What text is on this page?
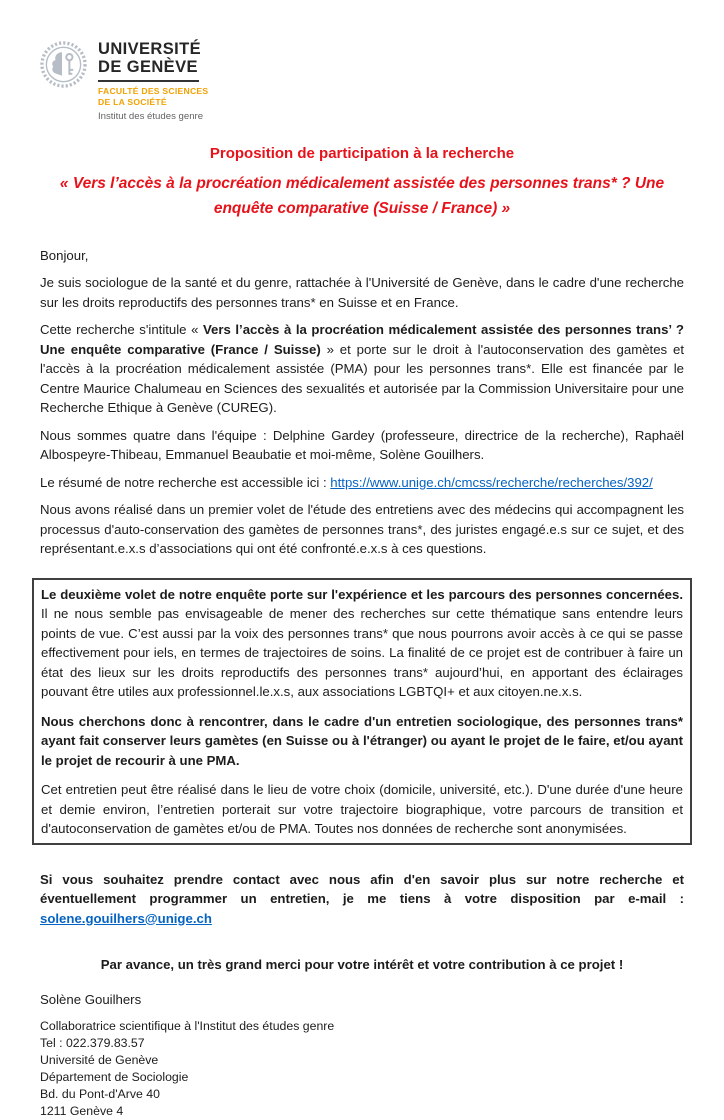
UNIVERSITÉ
DE GENÈVE
FACULTÉ DES SCIENCES
DE LA SOCIÉTÉ
Institut des études genre
Proposition de participation à la recherche
« Vers l’accès à la procréation médicalement assistée des personnes trans* ? Une enquête comparative (Suisse / France) »

Bonjour,

Je suis sociologue de la santé et du genre, rattachée à l'Université de Genève, dans le cadre d'une recherche sur les droits reproductifs des personnes trans* en Suisse et en France.

Cette recherche s'intitule « Vers l’accès à la procréation médicalement assistée des personnes trans’ ? Une enquête comparative (France / Suisse) » et porte sur le droit à l'autoconservation des gamètes et l'accès à la procréation médicalement assistée (PMA) pour les personnes trans*. Elle est financée par le Centre Maurice Chalumeau en Sciences des sexualités et autorisée par la Commission Universitaire pour une Recherche Ethique à Genève (CUREG).

Nous sommes quatre dans l'équipe : Delphine Gardey (professeure, directrice de la recherche), Raphaël Albospeyre-Thibeau, Emmanuel Beaubatie et moi-même, Solène Gouilhers.

Le résumé de notre recherche est accessible ici : https://www.unige.ch/cmcss/recherche/recherches/392/

Nous avons réalisé dans un premier volet de l'étude des entretiens avec des médecins qui accompagnent les processus d'auto-conservation des gamètes de personnes trans*, des juristes engagé.e.s sur ce sujet, et des représentant.e.x.s d’associations qui ont été confronté.e.x.s à ces questions.

Le deuxième volet de notre enquête porte sur l'expérience et les parcours des personnes concernées. Il ne nous semble pas envisageable de mener des recherches sur cette thématique sans entendre leurs points de vue. C’est aussi par la voix des personnes trans* que nous pourrons avoir accès à ce qui se passe effectivement pour iels, en termes de trajectoires de soins. La finalité de ce projet est de contribuer à faire un état des lieux sur les droits reproductifs des personnes trans* aujourd’hui, en apportant des éclairages pouvant être utiles aux professionnel.le.x.s, aux associations LGBTQI+ et aux citoyen.ne.x.s.

Nous cherchons donc à rencontrer, dans le cadre d'un entretien sociologique, des personnes trans* ayant fait conserver leurs gamètes (en Suisse ou à l'étranger) ou ayant le projet de le faire, et/ou ayant le projet de recourir à une PMA.

Cet entretien peut être réalisé dans le lieu de votre choix (domicile, université, etc.). D'une durée d'une heure et demie environ, l’entretien porterait sur votre trajectoire biographique, votre parcours de transition et d'autoconservation de gamètes et/ou de PMA. Toutes nos données de recherche sont anonymisées.

Si vous souhaitez prendre contact avec nous afin d'en savoir plus sur notre recherche et éventuellement programmer un entretien, je me tiens à votre disposition par e-mail : solene.gouilhers@unige.ch

Par avance, un très grand merci pour votre intérêt et votre contribution à ce projet !

Solène Gouilhers

Collaboratrice scientifique à l'Institut des études genre
Tel : 022.379.83.57
Université de Genève
Département de Sociologie
Bd. du Pont-d'Arve 40
1211 Genève 4
